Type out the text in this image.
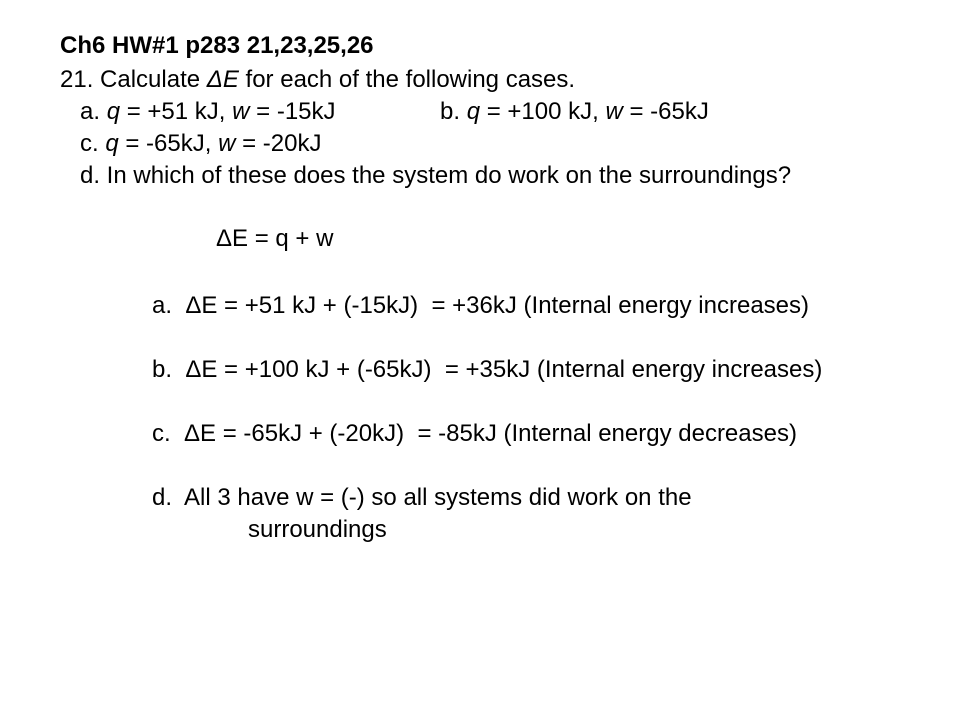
Ch6 HW#1 p283 21,23,25,26
21. Calculate ΔE for each of the following cases.
a. q = +51 kJ, w = -15kJ	b. q = +100 kJ, w = -65kJ
c. q = -65kJ, w = -20kJ
d. In which of these does the system do work on the surroundings?
ΔE = q + w
a.  ΔE = +51 kJ + (-15kJ)  = +36kJ (Internal energy increases)
b.  ΔE = +100 kJ + (-65kJ)  = +35kJ (Internal energy increases)
c.  ΔE = -65kJ + (-20kJ)  = -85kJ (Internal energy decreases)
d.  All 3 have w = (-) so all systems did work on the
surroundings
